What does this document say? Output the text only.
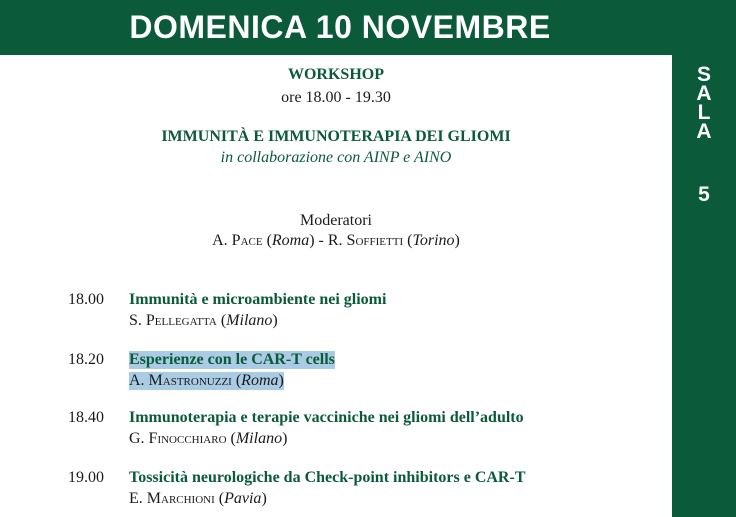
DOMENICA 10 NOVEMBRE
S
A
L
A
5
WORKSHOP
ore 18.00 - 19.30
IMMUNITÀ E IMMUNOTERAPIA DEI GLIOMI
in collaborazione con AINP e AINO
Moderatori
A. Pace (Roma) - R. Soffietti (Torino)
18.00 Immunità e microambiente nei gliomi
S. Pellegatta (Milano)
18.20 Esperienze con le CAR-T cells
A. Mastronuzzi (Roma)
18.40 Immunoterapia e terapie vacciniche nei gliomi dell’adulto
G. Finocchiaro (Milano)
19.00 Tossicità neurologiche da Check-point inhibitors e CAR-T
E. Marchioni (Pavia)
